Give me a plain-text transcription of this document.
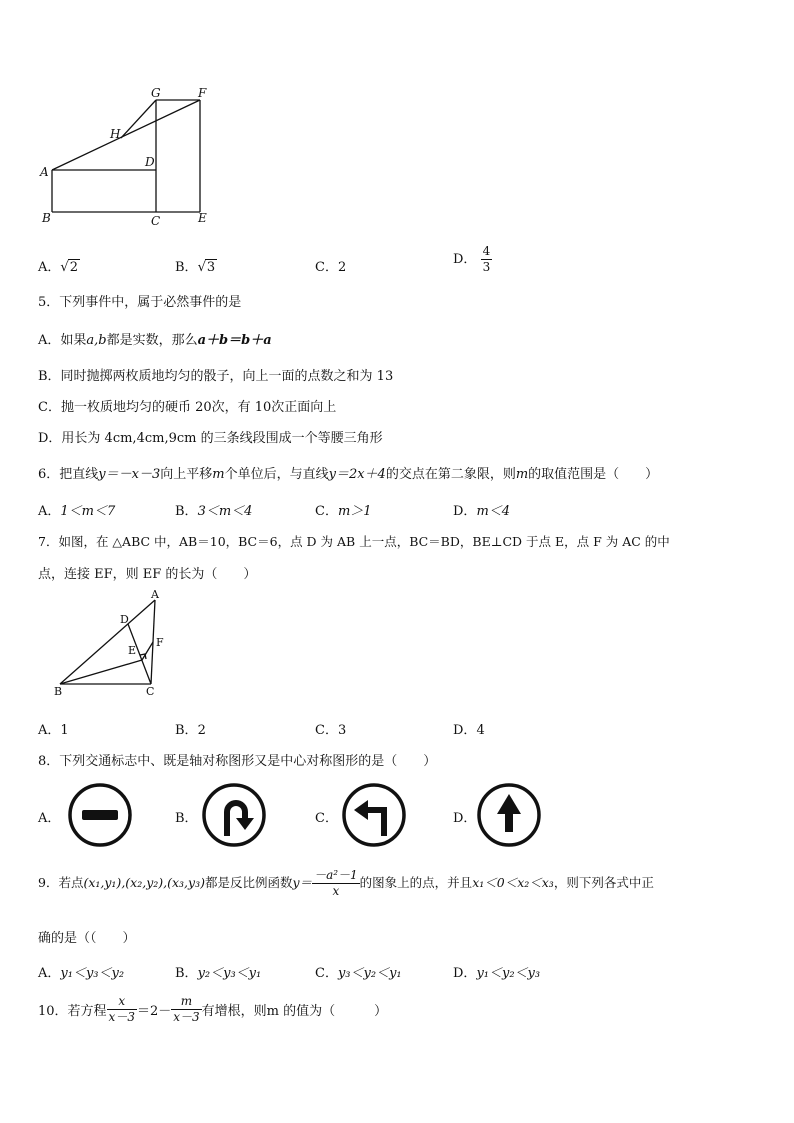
G	F
H
D
A
B	C	E
A．√2	B．√3	C．2
D． $\frac{4}{3}$
5．下列事件中，属于必然事件的是
A．如果a,b都是实数，那么a＋b＝b＋a
B．同时抛掷两枚质地均匀的骰子，向上一面的点数之和为 13
C．抛一枚质地均匀的硬币 20次，有 10次正面向上
D．用长为 4cm,4cm,9cm 的三条线段围成一个等腰三角形
6．把直线y＝－x－3向上平移m个单位后，与直线y＝2x＋4的交点在第二象限，则m的取值范围是（　　）
A．1＜m＜7	B．3＜m＜4	C．m＞1	D．m＜4
7．如图，在 △ABC 中，AB＝10，BC＝6，点 D 为 AB 上一点，BC＝BD，BE⊥CD 于点 E，点 F 为 AC 的中
点，连接 EF，则 EF 的长为（　　）
A
D
F
E
B	C
A．1	B．2	C．3	D．4
8．下列交通标志中、既是轴对称图形又是中心对称图形的是（　　）
A．	B．	C．	D．
9．若点(x₁,y₁),(x₂,y₂),(x₃,y₃)都是反比例函数$y= \frac{\text{－a²－1}}{x}$ 的图象上的点，并且x₁＜0＜x₂＜x₃，则下列各式中正
确的是（（　　）
A．y₁＜y₃＜y₂	B．y₂＜y₃＜y₁	C．y₃＜y₂＜y₁	D．y₁＜y₂＜y₃
10．若方程 $\frac{x}{x-3} =2- \frac{m}{x-3}$ 有增根，则m 的值为（　　　）
